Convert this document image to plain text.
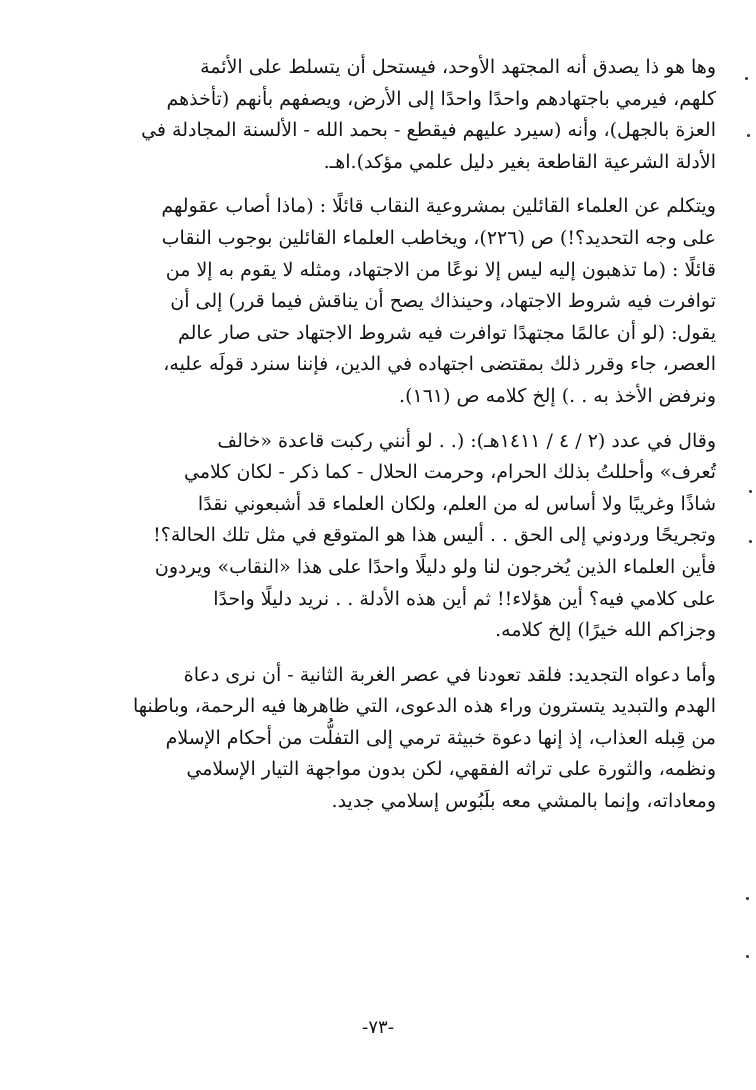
وها هو ذا يصدق أنه المجتهد الأوحد، فيستحل أن يتسلط على الأئمة

كلهم، فيرمي باجتهادهم واحدًا واحدًا إلى الأرض، ويصفهم بأنهم (تأخذهم

العزة بالجهل)، وأنه (سيرد عليهم فيقطع - بحمد الله - الألسنة المجادلة في

الأدلة الشرعية القاطعة بغير دليل علمي مؤكد).اهـ.

ويتكلم عن العلماء القائلين بمشروعية النقاب قائلًا : (ماذا أصاب عقولهم

على وجه التحديد؟!) ص (٢٢٦)، ويخاطب العلماء القائلين بوجوب النقاب

قائلًا : (ما تذهبون إليه ليس إلا نوعًا من الاجتهاد، ومثله لا يقوم به إلا من

توافرت فيه شروط الاجتهاد، وحينذاك يصح أن يناقش فيما قرر) إلى أن

يقول: (لو أن عالمًا مجتهدًا توافرت فيه شروط الاجتهاد حتى صار عالم

العصر، جاء وقرر ذلك بمقتضى اجتهاده في الدين، فإننا سنرد قولَه عليه،

ونرفض الأخذ به . .) إلخ كلامه ص (١٦١).

وقال في عدد (٢ / ٤ / ١٤١١هـ): (. . لو أنني ركبت قاعدة «خالف

تُعرف» وأحللتُ بذلك الحرام، وحرمت الحلال - كما ذكر - لكان كلامي

شاذًا وغريبًا ولا أساس له من العلم، ولكان العلماء قد أشبعوني نقدًا

وتجريحًا وردوني إلى الحق . . أليس هذا هو المتوقع في مثل تلك الحالة؟!

فأين العلماء الذين يُخرجون لنا ولو دليلًا واحدًا على هذا «النقاب» ويردون

على كلامي فيه؟ أين هؤلاء!! ثم أين هذه الأدلة . . نريد دليلًا واحدًا

وجزاكم الله خيرًا) إلخ كلامه.

وأما دعواه التجديد: فلقد تعودنا في عصر الغربة الثانية - أن نرى دعاة

الهدم والتبديد يتسترون وراء هذه الدعوى، التي ظاهرها فيه الرحمة، وباطنها

من قِبله العذاب، إذ إنها دعوة خبيثة ترمي إلى التفلُّت من أحكام الإسلام

ونظمه، والثورة على تراثه الفقهي، لكن بدون مواجهة التيار الإسلامي

ومعاداته، وإنما بالمشي معه بلَبُوس إسلامي جديد.

-٧٣-
